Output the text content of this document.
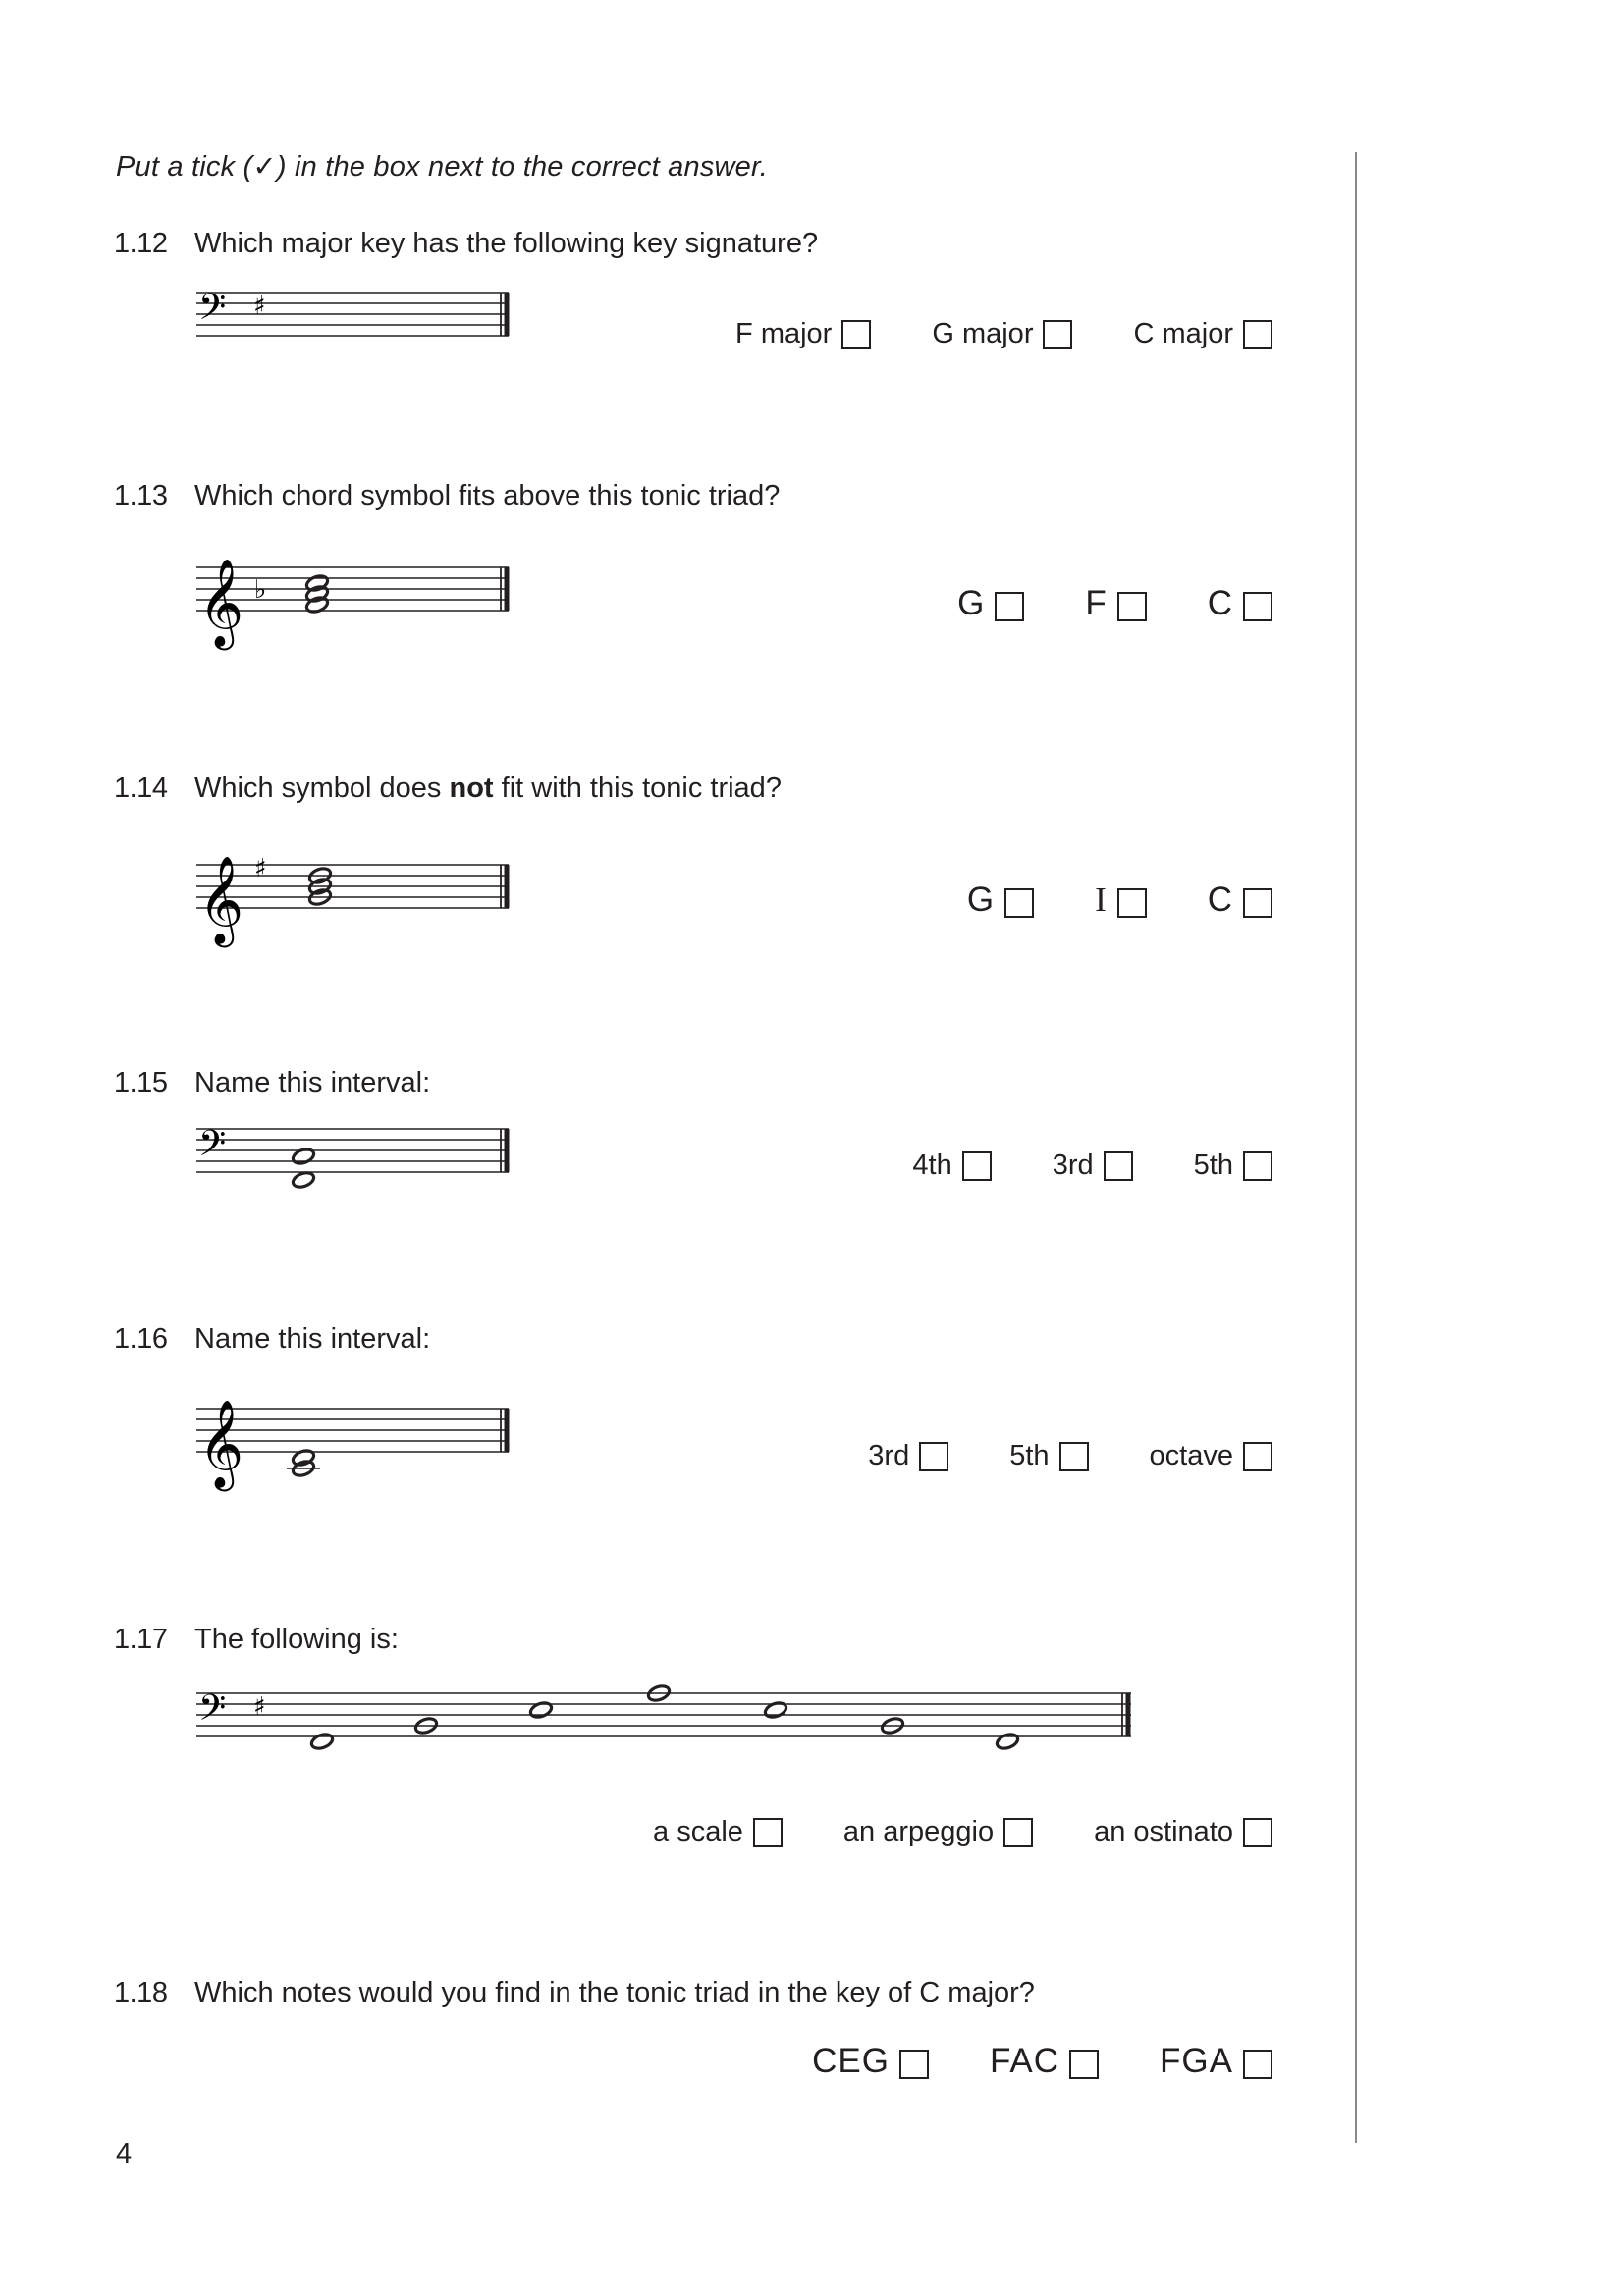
Put a tick (✓) in the box next to the correct answer.
1.12 Which major key has the following key signature?
F major	G major	C major
1.13 Which chord symbol fits above this tonic triad?
G	F	C
1.14 Which symbol does not fit with this tonic triad?
G	I	C
1.15 Name this interval:
4th	3rd	5th
1.16 Name this interval:
3rd	5th	octave
1.17 The following is:
a scale	an arpeggio	an ostinato
1.18 Which notes would you find in the tonic triad in the key of C major?
CEG	FAC	FGA
4
𝄢 ♯
𝄞 ♭
𝄞 ♯
𝄢
𝄞
𝄢 ♯
